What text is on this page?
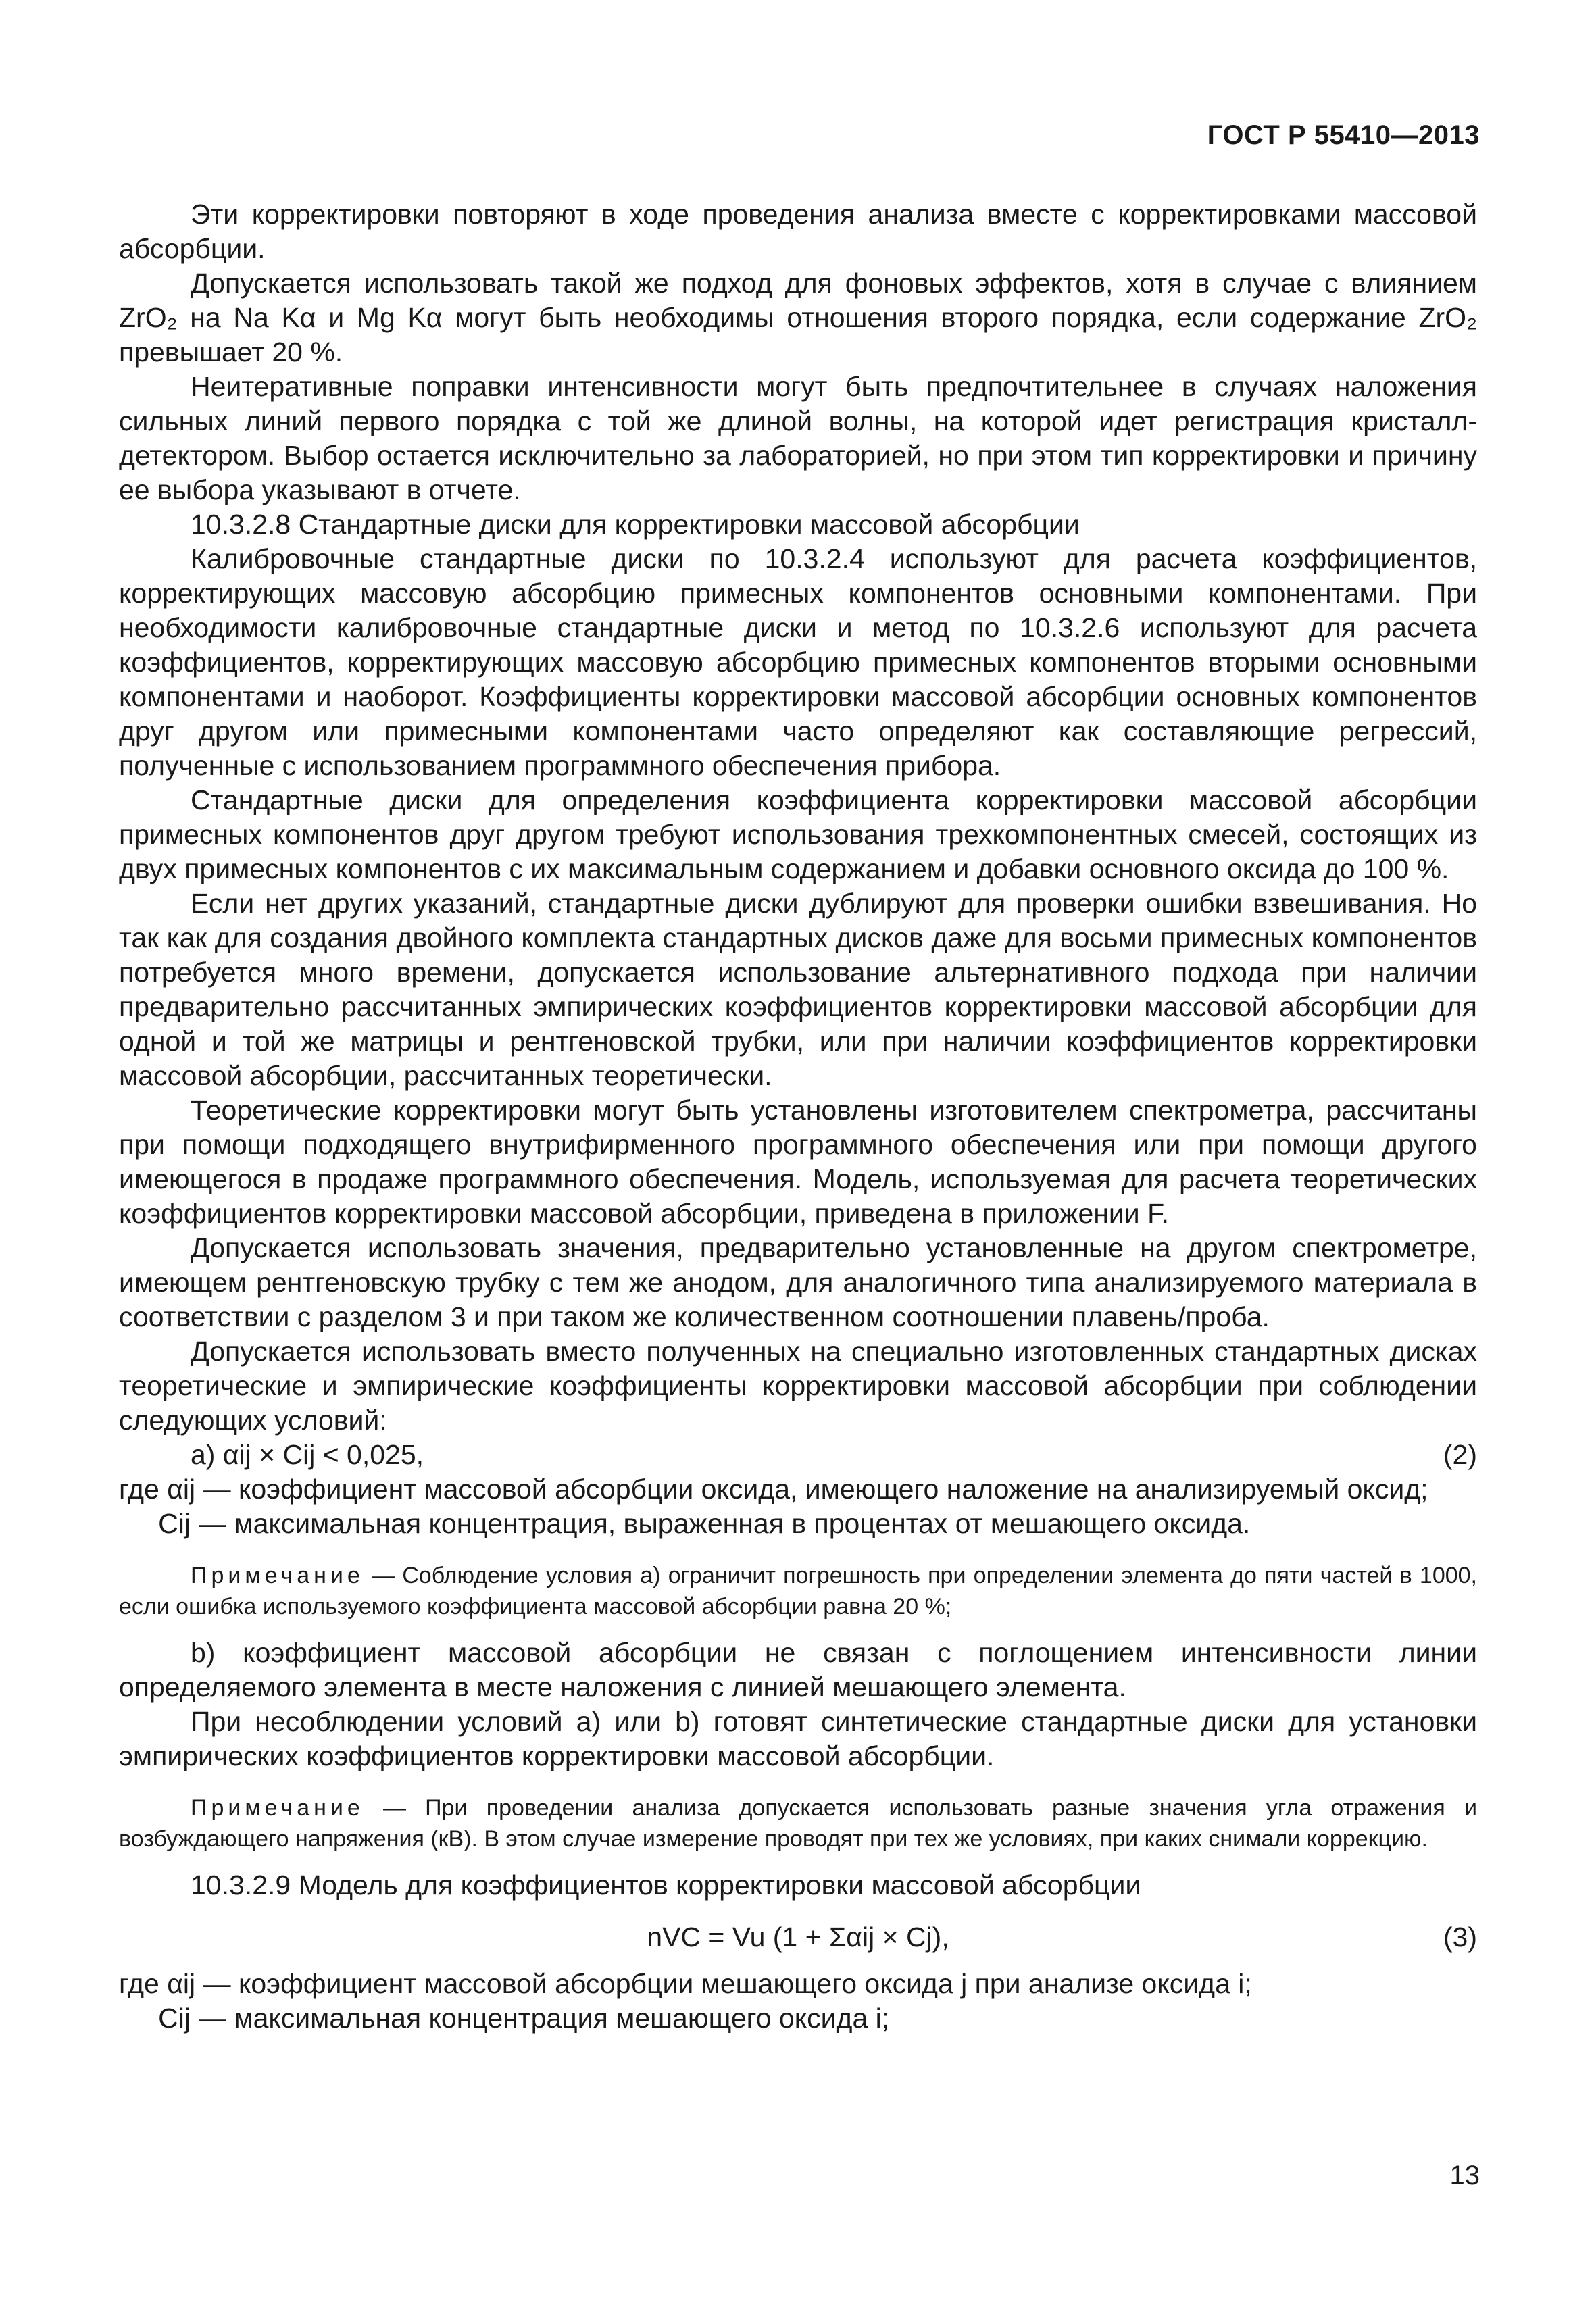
ГОСТ Р 55410—2013

Эти корректировки повторяют в ходе проведения анализа вместе с корректировками массовой абсорбции.

Допускается использовать такой же подход для фоновых эффектов, хотя в случае с влиянием ZrO₂ на Na Kα и Mg Kα могут быть необходимы отношения второго порядка, если содержание ZrO₂ превышает 20 %.

Неитеративные поправки интенсивности могут быть предпочтительнее в случаях наложения сильных линий первого порядка с той же длиной волны, на которой идет регистрация кристалл-детектором. Выбор остается исключительно за лабораторией, но при этом тип корректировки и причину ее выбора указывают в отчете.

10.3.2.8 Стандартные диски для корректировки массовой абсорбции

Калибровочные стандартные диски по 10.3.2.4 используют для расчета коэффициентов, корректирующих массовую абсорбцию примесных компонентов основными компонентами. При необходимости калибровочные стандартные диски и метод по 10.3.2.6 используют для расчета коэффициентов, корректирующих массовую абсорбцию примесных компонентов вторыми основными компонентами и наоборот. Коэффициенты корректировки массовой абсорбции основных компонентов друг другом или примесными компонентами часто определяют как составляющие регрессий, полученные с использованием программного обеспечения прибора.

Стандартные диски для определения коэффициента корректировки массовой абсорбции примесных компонентов друг другом требуют использования трехкомпонентных смесей, состоящих из двух примесных компонентов с их максимальным содержанием и добавки основного оксида до 100 %.

Если нет других указаний, стандартные диски дублируют для проверки ошибки взвешивания. Но так как для создания двойного комплекта стандартных дисков даже для восьми примесных компонентов потребуется много времени, допускается использование альтернативного подхода при наличии предварительно рассчитанных эмпирических коэффициентов корректировки массовой абсорбции для одной и той же матрицы и рентгеновской трубки, или при наличии коэффициентов корректировки массовой абсорбции, рассчитанных теоретически.

Теоретические корректировки могут быть установлены изготовителем спектрометра, рассчитаны при помощи подходящего внутрифирменного программного обеспечения или при помощи другого имеющегося в продаже программного обеспечения. Модель, используемая для расчета теоретических коэффициентов корректировки массовой абсорбции, приведена в приложении F.

Допускается использовать значения, предварительно установленные на другом спектрометре, имеющем рентгеновскую трубку с тем же анодом, для аналогичного типа анализируемого материала в соответствии с разделом 3 и при таком же количественном соотношении плавень/проба.

Допускается использовать вместо полученных на специально изготовленных стандартных дисках теоретические и эмпирические коэффициенты корректировки массовой абсорбции при соблюдении следующих условий:

a) αij × Cij < 0,025,	(2)
где αij — коэффициент массовой абсорбции оксида, имеющего наложение на анализируемый оксид;
Cij — максимальная концентрация, выраженная в процентах от мешающего оксида.

Примечание — Соблюдение условия а) ограничит погрешность при определении элемента до пяти частей в 1000, если ошибка используемого коэффициента массовой абсорбции равна 20 %;

b) коэффициент массовой абсорбции не связан с поглощением интенсивности линии определяемого элемента в месте наложения с линией мешающего элемента.

При несоблюдении условий а) или b) готовят синтетические стандартные диски для установки эмпирических коэффициентов корректировки массовой абсорбции.

Примечание — При проведении анализа допускается использовать разные значения угла отражения и возбуждающего напряжения (кВ). В этом случае измерение проводят при тех же условиях, при каких снимали коррекцию.

10.3.2.9 Модель для коэффициентов корректировки массовой абсорбции

nVC = Vu (1 + Σαij × Cj),	(3)
где αij — коэффициент массовой абсорбции мешающего оксида j при анализе оксида i;
Cij — максимальная концентрация мешающего оксида i;
13
